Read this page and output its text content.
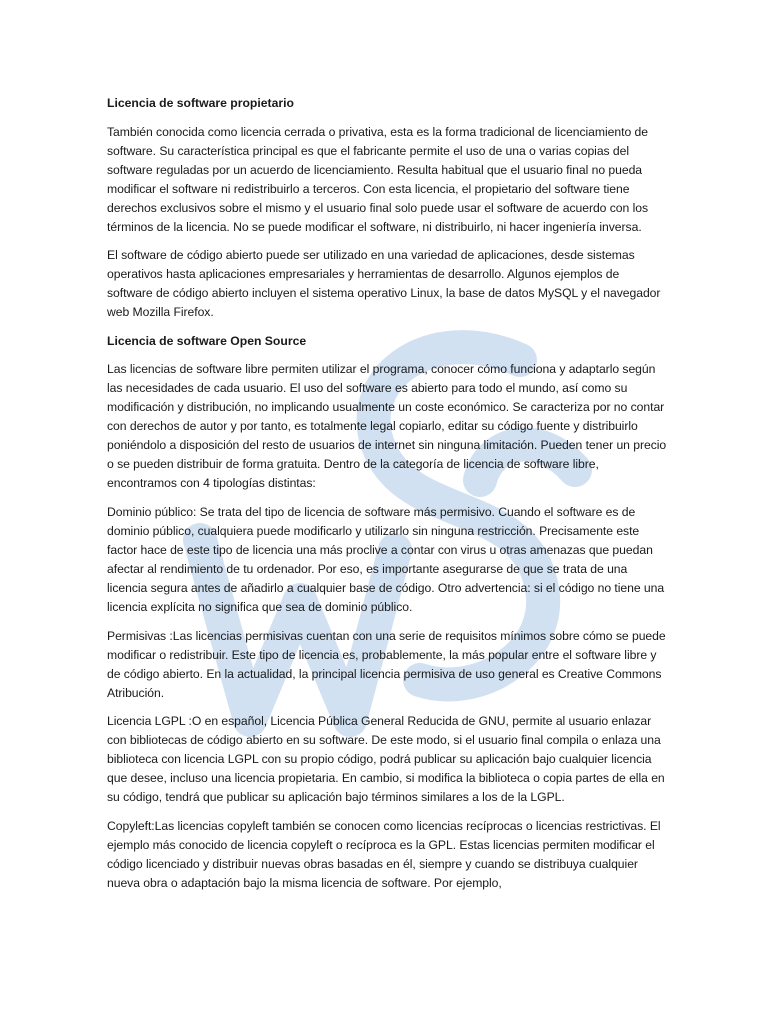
Licencia de software propietario

También conocida como licencia cerrada o privativa, esta es la forma tradicional de licenciamiento de software. Su característica principal es que el fabricante permite el uso de una o varias copias del software reguladas por un acuerdo de licenciamiento. Resulta habitual que el usuario final no pueda modificar el software ni redistribuirlo a terceros. Con esta licencia, el propietario del software tiene derechos exclusivos sobre el mismo y el usuario final solo puede usar el software de acuerdo con los términos de la licencia. No se puede modificar el software, ni distribuirlo, ni hacer ingeniería inversa.

El software de código abierto puede ser utilizado en una variedad de aplicaciones, desde sistemas operativos hasta aplicaciones empresariales y herramientas de desarrollo. Algunos ejemplos de software de código abierto incluyen el sistema operativo Linux, la base de datos MySQL y el navegador web Mozilla Firefox.

Licencia de software Open Source

Las licencias de software libre permiten utilizar el programa, conocer cómo funciona y adaptarlo según las necesidades de cada usuario. El uso del software es abierto para todo el mundo, así como su modificación y distribución, no implicando usualmente un coste económico. Se caracteriza por no contar con derechos de autor y por tanto, es totalmente legal copiarlo, editar su código fuente y distribuirlo poniéndolo a disposición del resto de usuarios de internet sin ninguna limitación. Pueden tener un precio o se pueden distribuir de forma gratuita. Dentro de la categoría de licencia de software libre, encontramos con 4 tipologías distintas:

Dominio público: Se trata del tipo de licencia de software más permisivo. Cuando el software es de dominio público, cualquiera puede modificarlo y utilizarlo sin ninguna restricción. Precisamente este factor hace de este tipo de licencia una más proclive a contar con virus u otras amenazas que puedan afectar al rendimiento de tu ordenador. Por eso, es importante asegurarse de que se trata de una licencia segura antes de añadirlo a cualquier base de código. Otro advertencia: si el código no tiene una licencia explícita no significa que sea de dominio público.

Permisivas :Las licencias permisivas cuentan con una serie de requisitos mínimos sobre cómo se puede modificar o redistribuir. Este tipo de licencia es, probablemente, la más popular entre el software libre y de código abierto. En la actualidad, la principal licencia permisiva de uso general es Creative Commons Atribución.

Licencia LGPL :O en español, Licencia Pública General Reducida de GNU, permite al usuario enlazar con bibliotecas de código abierto en su software. De este modo, si el usuario final compila o enlaza una biblioteca con licencia LGPL con su propio código, podrá publicar su aplicación bajo cualquier licencia que desee, incluso una licencia propietaria. En cambio, si modifica la biblioteca o copia partes de ella en su código, tendrá que publicar su aplicación bajo términos similares a los de la LGPL.

Copyleft:Las licencias copyleft también se conocen como licencias recíprocas o licencias restrictivas. El ejemplo más conocido de licencia copyleft o recíproca es la GPL. Estas licencias permiten modificar el código licenciado y distribuir nuevas obras basadas en él, siempre y cuando se distribuya cualquier nueva obra o adaptación bajo la misma licencia de software. Por ejemplo,
